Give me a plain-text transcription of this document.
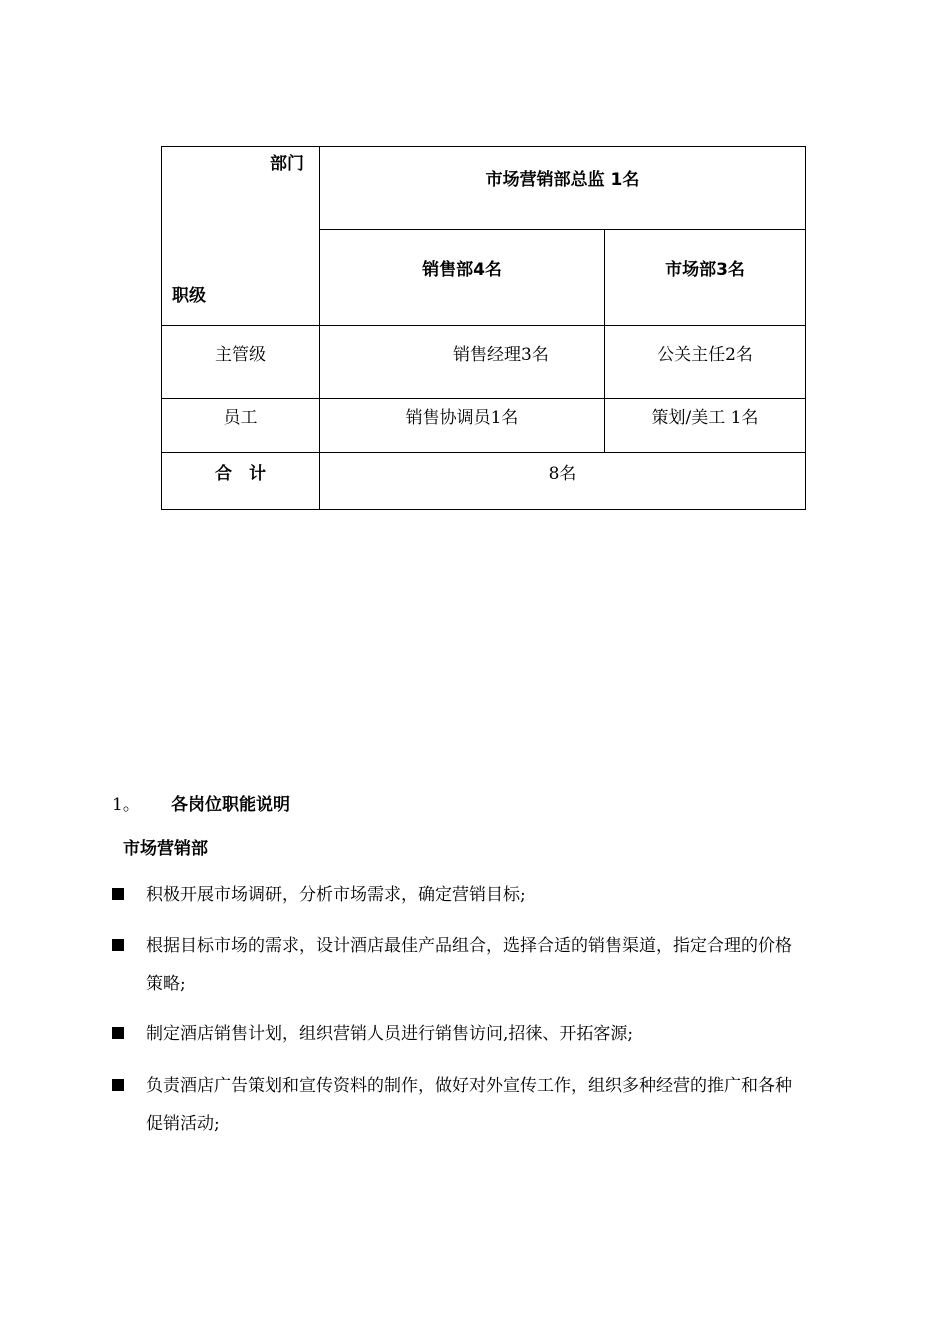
部门
职级
市场营销部总监 1名
销售部4名	市场部3名
主管级	销售经理3名	公关主任2名
员工	销售协调员1名	策划/美工 1名
合　计	8名
1。 各岗位职能说明
市场营销部
积极开展市场调研，分析市场需求，确定营销目标;
根据目标市场的需求，设计酒店最佳产品组合，选择合适的销售渠道，指定合理的价格策略;
制定酒店销售计划，组织营销人员进行销售访问,招徕、开拓客源;
负责酒店广告策划和宣传资料的制作，做好对外宣传工作，组织多种经营的推广和各种促销活动;
